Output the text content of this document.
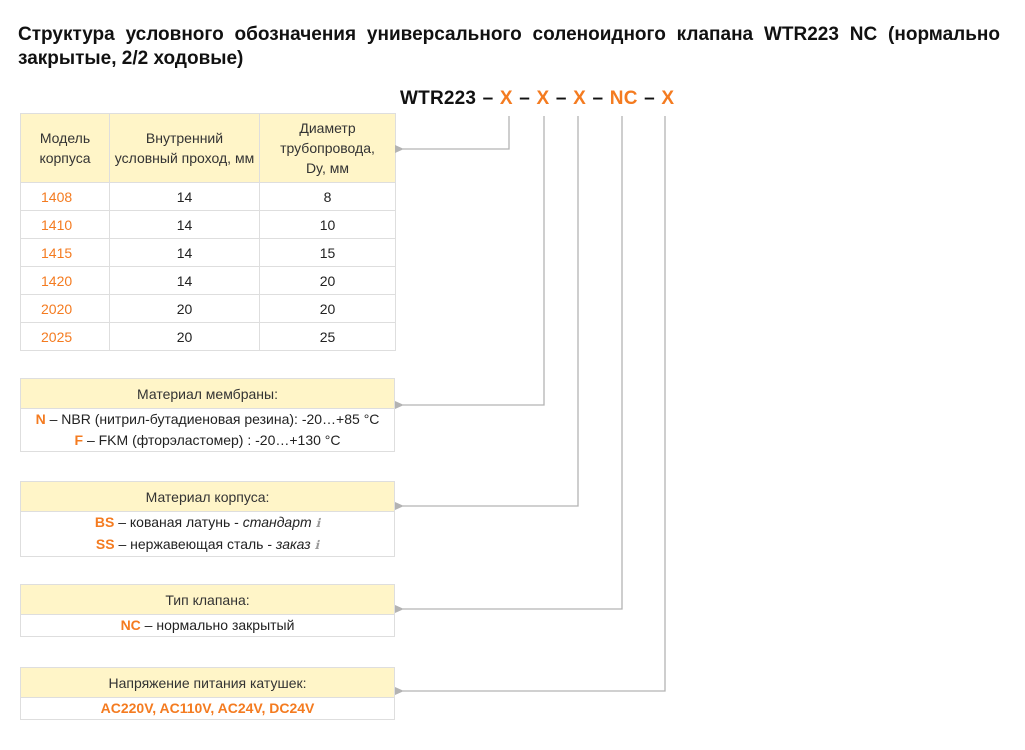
Структура условного обозначения универсального соленоидного клапана WTR223 NC (нормально закрытые, 2/2 ходовые)
WTR223 – X – X – X – NC – X
Модель корпуса	Внутренний условный проход, мм	Диаметр трубопровода, Dy, мм
1408	14	8
1410	14	10
1415	14	15
1420	14	20
2020	20	20
2025	20	25
Материал мембраны:

N – NBR (нитрил-бутадиеновая резина): -20…+85 °C
F – FKM (фторэластомер) : -20…+130 °C
Материал корпуса:

BS – кованая латунь - стандарт ℹ
SS – нержавеющая сталь - заказ ℹ
Тип клапана:

NC – нормально закрытый
Напряжение питания катушек:

AC220V, AC110V, AC24V, DC24V
